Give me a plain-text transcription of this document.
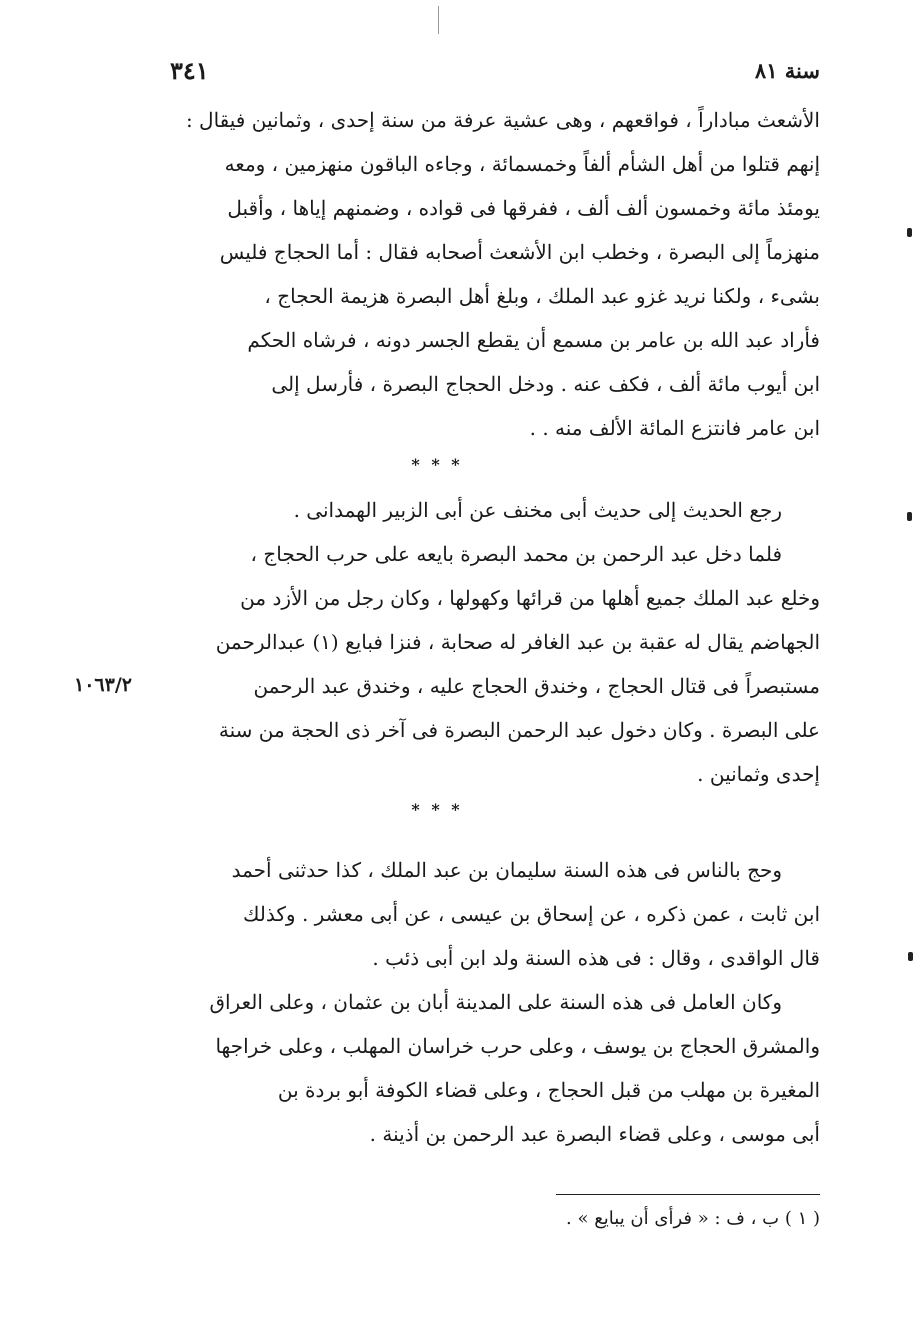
سنة ٨١
٣٤١
الأشعث مباداراً ، فواقعهم ، وهى عشية عرفة من سنة إحدى ، وثمانين فيقال :
إنهم قتلوا من أهل الشأم ألفاً وخمسمائة ، وجاءه الباقون منهزمين ، ومعه
يومئذ مائة وخمسون ألف ألف ، ففرقها فى قواده ، وضمنهم إياها ، وأقبل
منهزماً إلى البصرة ، وخطب ابن الأشعث أصحابه فقال : أما الحجاج فليس
بشىء ، ولكنا نريد غزو عبد الملك ، وبلغ أهل البصرة هزيمة الحجاج ،
فأراد عبد الله بن عامر بن مسمع أن يقطع الجسر دونه ، فرشاه الحكم
ابن أيوب مائة ألف ، فكف عنه . ودخل الحجاج البصرة ، فأرسل إلى
ابن عامر فانتزع المائة الألف منه . .
* * *
رجع الحديث إلى حديث أبى مخنف عن أبى الزبير الهمدانى .
فلما دخل عبد الرحمن بن محمد البصرة بايعه على حرب الحجاج ،
وخلع عبد الملك جميع أهلها من قرائها وكهولها ، وكان رجل من الأزد من
الجهاضم يقال له عقبة بن عبد الغافر له صحابة ، فنزا فبايع (١) عبدالرحمن
مستبصراً فى قتال الحجاج ، وخندق الحجاج عليه ، وخندق عبد الرحمن
على البصرة . وكان دخول عبد الرحمن البصرة فى آخر ذى الحجة من سنة
إحدى وثمانين .
١٠٦٣/٢
* * *
وحج بالناس فى هذه السنة سليمان بن عبد الملك ، كذا حدثنى أحمد
ابن ثابت ، عمن ذكره ، عن إسحاق بن عيسى ، عن أبى معشر . وكذلك
قال الواقدى ، وقال : فى هذه السنة ولد ابن أبى ذئب .
وكان العامل فى هذه السنة على المدينة أبان بن عثمان ، وعلى العراق
والمشرق الحجاج بن يوسف ، وعلى حرب خراسان المهلب ، وعلى خراجها
المغيرة بن مهلب من قبل الحجاج ، وعلى قضاء الكوفة أبو بردة بن
أبى موسى ، وعلى قضاء البصرة عبد الرحمن بن أذينة .
( ١ ) ب ، ف : « فرأى أن يبايع » .
